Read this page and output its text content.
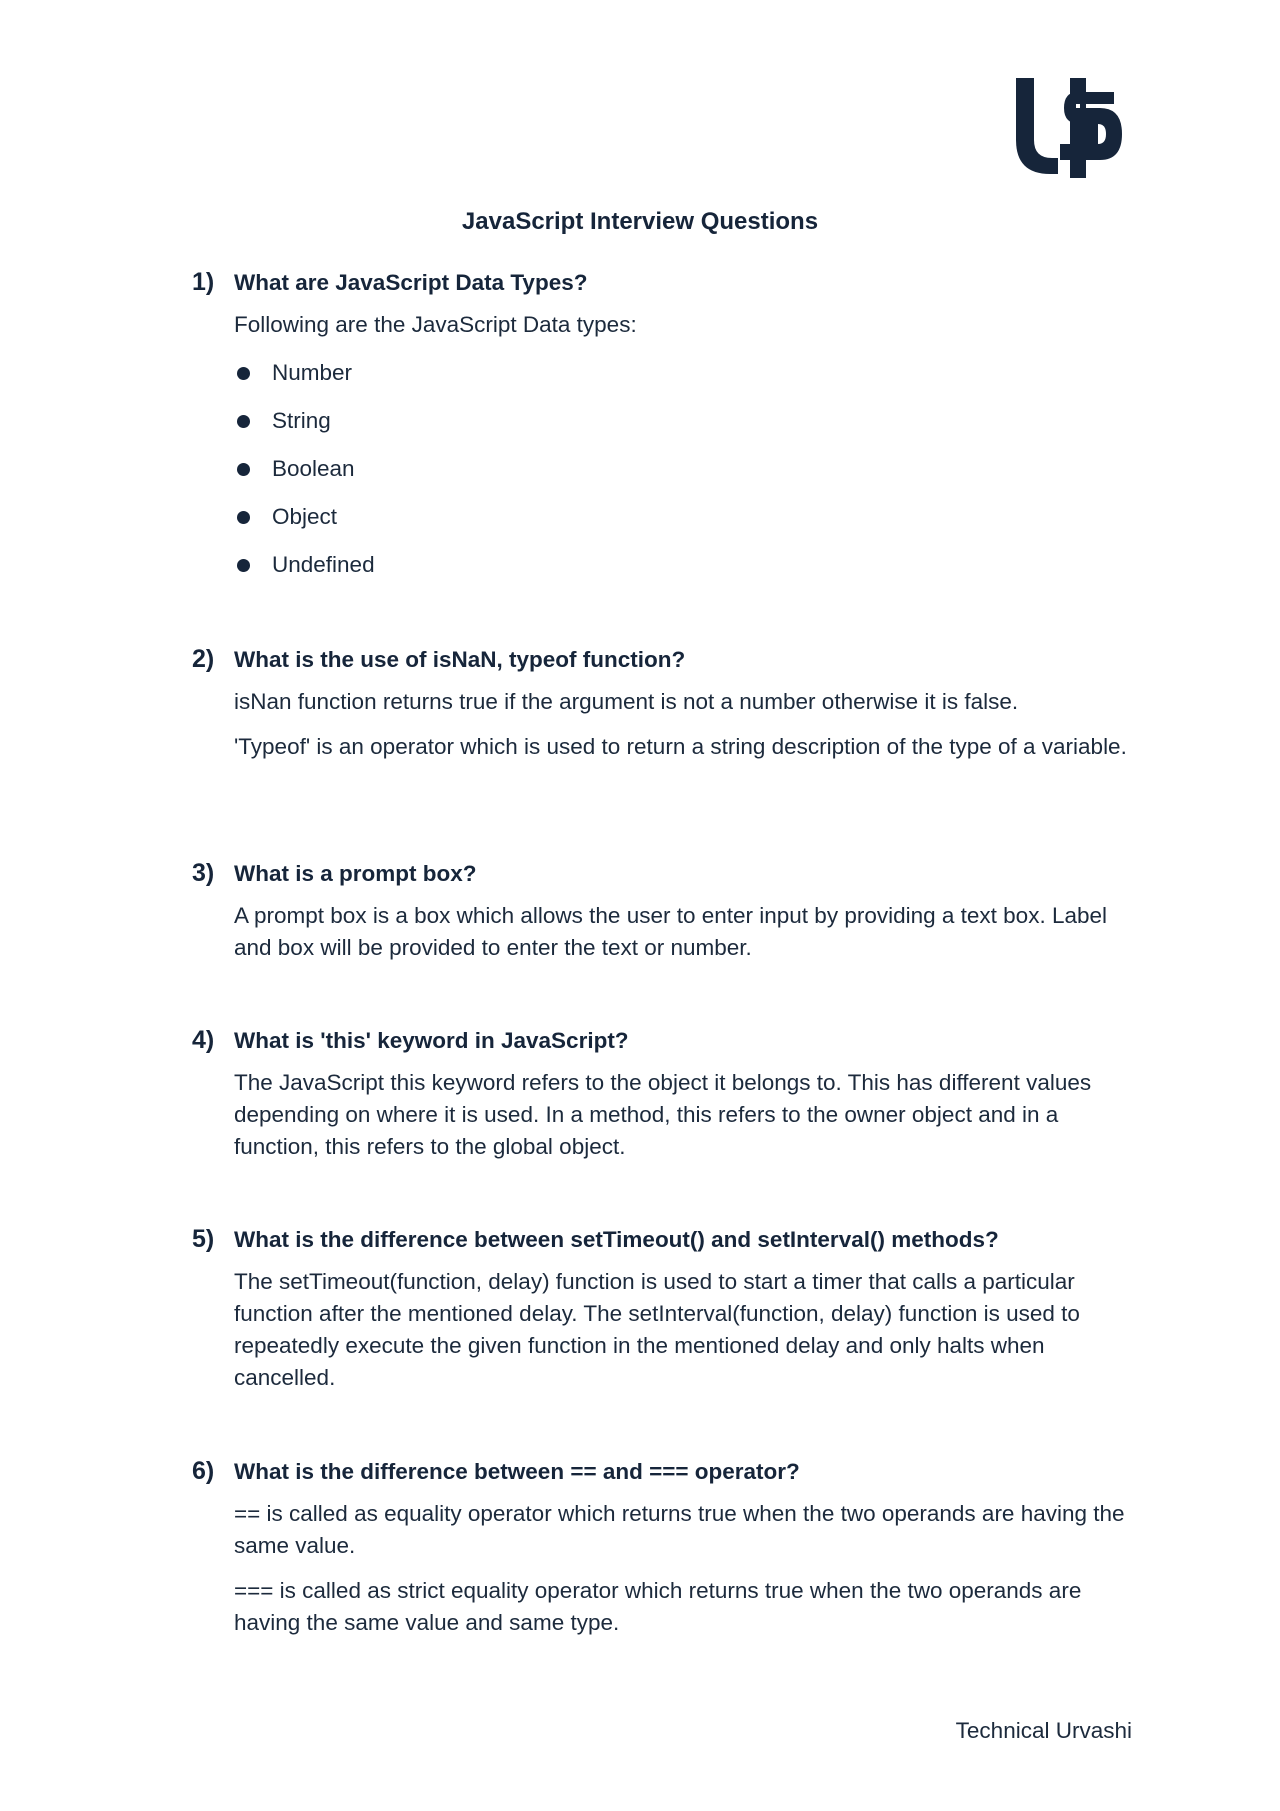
JavaScript Interview Questions
1) What are JavaScript Data Types?

Following are the JavaScript Data types:

Number
String
Boolean
Object
Undefined
2) What is the use of isNaN, typeof function?

isNan function returns true if the argument is not a number otherwise it is false.

'Typeof' is an operator which is used to return a string description of the type of a variable.

3) What is a prompt box?

A prompt box is a box which allows the user to enter input by providing a text box. Label and box will be provided to enter the text or number.

4) What is 'this' keyword in JavaScript?

The JavaScript this keyword refers to the object it belongs to. This has different values depending on where it is used. In a method, this refers to the owner object and in a function, this refers to the global object.

5) What is the difference between setTimeout() and setInterval() methods?

The setTimeout(function, delay) function is used to start a timer that calls a particular function after the mentioned delay. The setInterval(function, delay) function is used to repeatedly execute the given function in the mentioned delay and only halts when cancelled.

6) What is the difference between == and === operator?

== is called as equality operator which returns true when the two operands are having the same value.

=== is called as strict equality operator which returns true when the two operands are having the same value and same type.

Technical Urvashi
